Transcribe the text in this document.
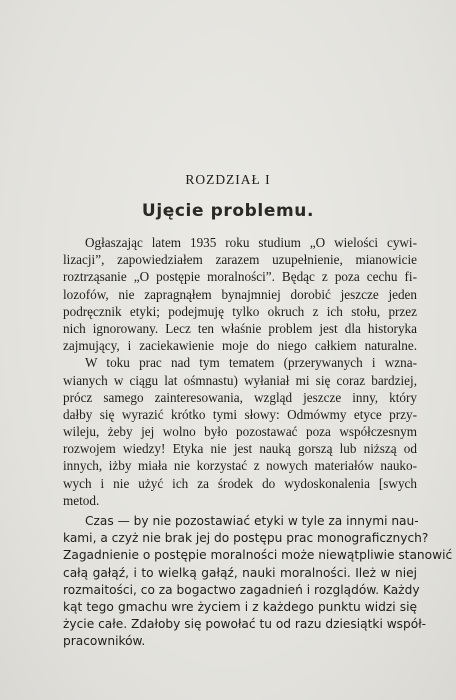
ROZDZIAŁ I
Ujęcie problemu.
Ogłaszając latem 1935 roku studium „O wielości cywi-
lizacji”, zapowiedziałem zarazem uzupełnienie, mianowicie
roztrząsanie „O postępie moralności”. Będąc z poza cechu fi-
lozofów, nie zapragnąłem bynajmniej dorobić jeszcze jeden
podręcznik etyki; podejmuję tylko okruch z ich stołu, przez
nich ignorowany. Lecz ten właśnie problem jest dla historyka
zajmujący, i zaciekawienie moje do niego całkiem naturalne.
W toku prac nad tym tematem (przerywanych i wzna-
wianych w ciągu lat ośmnastu) wyłaniał mi się coraz bardziej,
prócz samego zainteresowania, wzgląd jeszcze inny, który
dałby się wyrazić krótko tymi słowy: Odmówmy etyce przy-
wileju, żeby jej wolno było pozostawać poza współczesnym
rozwojem wiedzy! Etyka nie jest nauką gorszą lub niższą od
innych, iżby miała nie korzystać z nowych materiałów nauko-
wych i nie użyć ich za środek do wydoskonalenia [swych
metod.
Czas — by nie pozostawiać etyki w tyle za innymi nau-
kami, a czyż nie brak jej do postępu prac monograficznych?
Zagadnienie o postępie moralności może niewątpliwie stanowić
całą gałąź, i to wielką gałąź, nauki moralności. Ileż w niej
rozmaitości, co za bogactwo zagadnień i rozglądów. Każdy
kąt tego gmachu wre życiem i z każdego punktu widzi się
życie całe. Zdałoby się powołać tu od razu dziesiątki współ-
pracowników.
